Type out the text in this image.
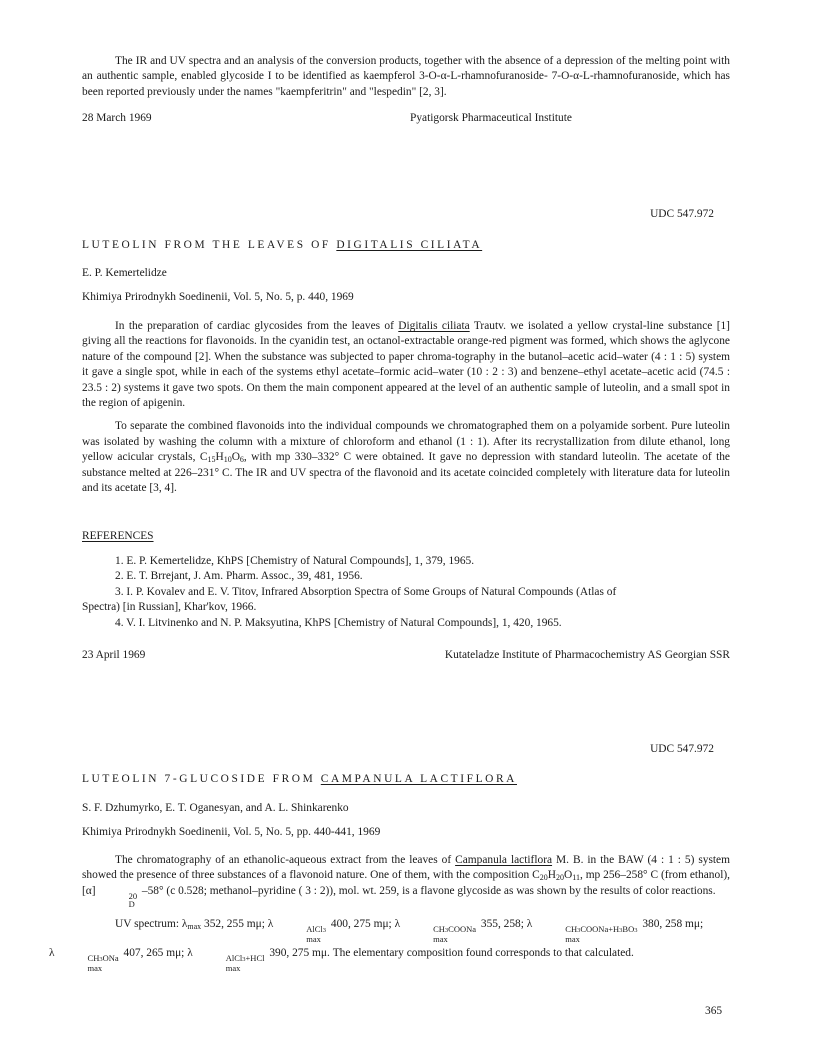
The IR and UV spectra and an analysis of the conversion products, together with the absence of a depression of the melting point with an authentic sample, enabled glycoside I to be identified as kaempferol 3-O-α-L-rhamnofuranoside- 7-O-α-L-rhamnofuranoside, which has been reported previously under the names "kaempferitrin" and "lespedin" [2, 3].

28 March 1969	Pyatigorsk Pharmaceutical Institute
UDC 547.972
LUTEOLIN FROM THE LEAVES OF DIGITALIS CILIATA
E. P. Kemertelidze
Khimiya Prirodnykh Soedinenii, Vol. 5, No. 5, p. 440, 1969

In the preparation of cardiac glycosides from the leaves of Digitalis ciliata Trautv. we isolated a yellow crystal-line substance [1] giving all the reactions for flavonoids. In the cyanidin test, an octanol-extractable orange-red pigment was formed, which shows the aglycone nature of the compound [2]. When the substance was subjected to paper chroma-tography in the butanol–acetic acid–water (4 : 1 : 5) system it gave a single spot, while in each of the systems ethyl acetate–formic acid–water (10 : 2 : 3) and benzene–ethyl acetate–acetic acid (74.5 : 23.5 : 2) systems it gave two spots. On them the main component appeared at the level of an authentic sample of luteolin, and a small spot in the region of apigenin.

To separate the combined flavonoids into the individual compounds we chromatographed them on a polyamide sorbent. Pure luteolin was isolated by washing the column with a mixture of chloroform and ethanol (1 : 1). After its recrystallization from dilute ethanol, long yellow acicular crystals, $C_{15}H_{10}O_6$, with mp 330–332° C were obtained. It gave no depression with standard luteolin. The acetate of the substance melted at 226–231° C. The IR and UV spectra of the flavonoid and its acetate coincided completely with literature data for luteolin and its acetate [3, 4].

REFERENCES
1. E. P. Kemertelidze, KhPS [Chemistry of Natural Compounds], 1, 379, 1965.
2. E. T. Brrejant, J. Am. Pharm. Assoc., 39, 481, 1956.
3. I. P. Kovalev and E. V. Titov, Infrared Absorption Spectra of Some Groups of Natural Compounds (Atlas of
Spectra) [in Russian], Khar'kov, 1966.
4. V. I. Litvinenko and N. P. Maksyutina, KhPS [Chemistry of Natural Compounds], 1, 420, 1965.
23 April 1969	Kutateladze Institute of Pharmacochemistry AS Georgian SSR
UDC 547.972
LUTEOLIN 7-GLUCOSIDE FROM CAMPANULA LACTIFLORA
S. F. Dzhumyrko, E. T. Oganesyan, and A. L. Shinkarenko
Khimiya Prirodnykh Soedinenii, Vol. 5, No. 5, pp. 440-441, 1969

The chromatography of an ethanolic-aqueous extract from the leaves of Campanula lactiflora M. B. in the BAW (4 : 1 : 5) system showed the presence of three substances of a flavonoid nature. One of them, with the composition $C_{20}H_{20}O_{11}$, mp 256–258° C (from ethanol), [α]	20
D
–58° (c 0.528; methanol–pyridine ( 3 : 2)), mol. wt. 259, is a flavone glycoside as was shown by the results of color reactions.

UV spectrum: $\lambda_{max}$ 352, 255 mμ; λ	AlCl3
max
400, 275 mμ; λ	CH3COONa
max
355, 258; λ	CH3COONa+H3BO3
max
380, 258 mμ;
λ	CH3ONa
max
407, 265 mμ; λ	AlCl3+HCl
max
390, 275 mμ. The elementary composition found corresponds to that calculated.

365
